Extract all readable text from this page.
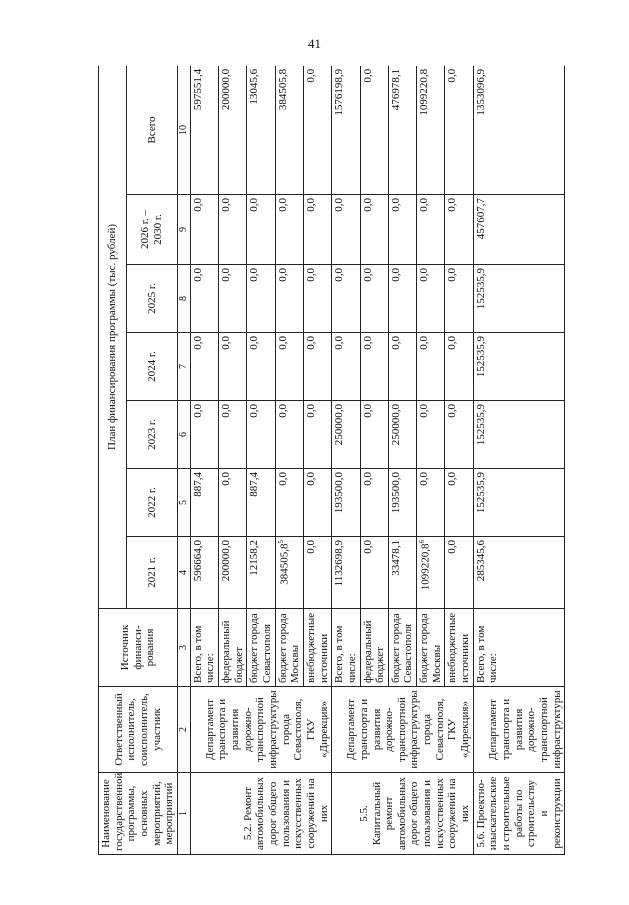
41
Наименование государственной программы, основных мероприятий, мероприятий	Ответственный исполнитель, соисполнитель, участник	Источник финанси-рования	План финансирования программы (тыс. рублей)						
			2021 г.	2022 г.	2023 г.	2024 г.	2025 г.	2026 г. – 2030 г.	Всего
1	2	3	4	5	6	7	8	9	10
5.2. Ремонт автомобильных дорог общего пользования и искусственных сооружений на них	Департамент транспорта и развития дорожно-транспортной инфраструктуры города Севастополя, ГКУ «Дирекция»	Всего, в том числе:	596664,0	887,4	0,0	0,0	0,0	0,0	597551,4
		федеральный бюджет	200000,0	0,0	0,0	0,0	0,0	0,0	200000,0
		бюджет города Севастополя	12158,2	887,4	0,0	0,0	0,0	0,0	13045,6
		бюджет города Москвы	384505,8$^5$	0,0	0,0	0,0	0,0	0,0	384505,8
		внебюджетные источники	0,0	0,0	0,0	0,0	0,0	0,0	0,0
5.5. Капитальный ремонт автомобильных дорог общего пользования и искусственных сооружений на них	Департамент транспорта и развития дорожно-транспортной инфраструктуры города Севастополя, ГКУ «Дирекция»	Всего, в том числе:	1132698,9	193500,0	250000,0	0,0	0,0	0,0	1576198,9
		федеральный бюджет	0,0	0,0	0,0	0,0	0,0	0,0	0,0
		бюджет города Севастополя	33478,1	193500,0	250000,0	0,0	0,0	0,0	476978,1
		бюджет города Москвы	1099220,8$^6$	0,0	0,0	0,0	0,0	0,0	1099220,8
		внебюджетные источники	0,0	0,0	0,0	0,0	0,0	0,0	0,0
5.6. Проектно-изыскательские и строительные работы по строительству и реконструкции	Департамент транспорта и развития дорожно-транспортной инфраструктуры	Всего, в том числе:	285345,6	152535,9	152535,9	152535,9	152535,9	457607,7	1353096,9
